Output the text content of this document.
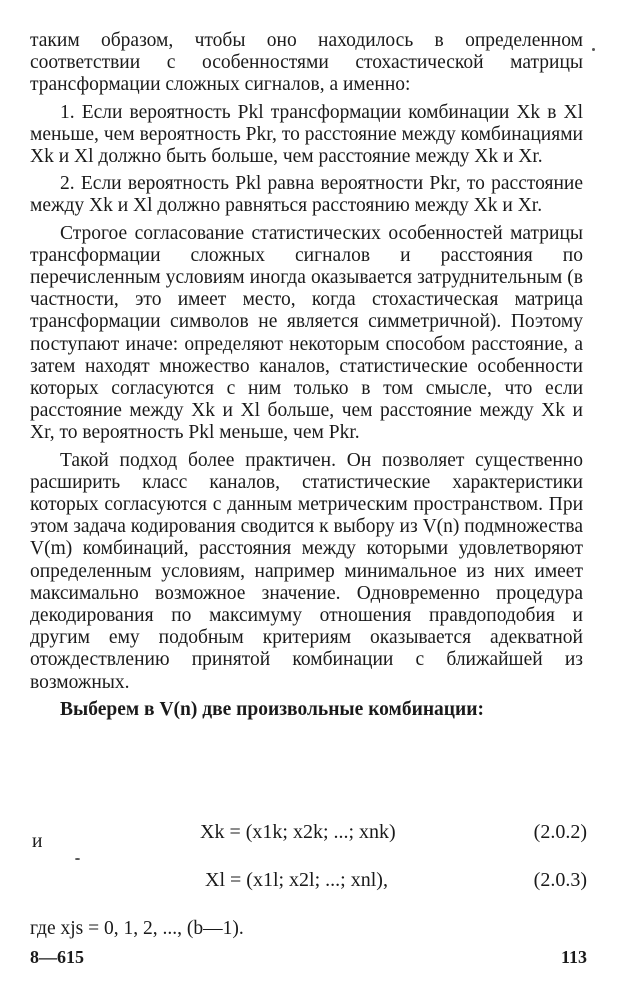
таким образом, чтобы оно находилось в определенном соответствии с особенностями стохастической матрицы трансформации сложных сигналов, а именно:

1. Если вероятность Pkl трансформации комбинации Xk в Xl меньше, чем вероятность Pkr, то расстояние между комбинациями Xk и Xl должно быть больше, чем расстояние между Xk и Xr.

2. Если вероятность Pkl равна вероятности Pkr, то расстояние между Xk и Xl должно равняться расстоянию между Xk и Xr.

Строгое согласование статистических особенностей матрицы трансформации сложных сигналов и расстояния по перечисленным условиям иногда оказывается затруднительным (в частности, это имеет место, когда стохастическая матрица трансформации символов не является симметричной). Поэтому поступают иначе: определяют некоторым способом расстояние, а затем находят множество каналов, статистические особенности которых согласуются с ним только в том смысле, что если расстояние между Xk и Xl больше, чем расстояние между Xk и Xr, то вероятность Pkl меньше, чем Pkr.

Такой подход более практичен. Он позволяет существенно расширить класс каналов, статистические характеристики которых согласуются с данным метрическим пространством. При этом задача кодирования сводится к выбору из V(n) подмножества V(m) комбинаций, расстояния между которыми удовлетворяют определенным условиям, например минимальное из них имеет максимально возможное значение. Одновременно процедура декодирования по максимуму отношения правдоподобия и другим ему подобным критериям оказывается адекватной отождествлению принятой комбинации с ближайшей из возможных.

Выберем в V(n) две произвольные комбинации:

Xk = (x1k; x2k; ...; xnk)	(2.0.2)
и
Xl = (x1l; x2l; ...; xnl),	(2.0.3)
где xjs = 0, 1, 2, ..., (b—1).
8—615	113
